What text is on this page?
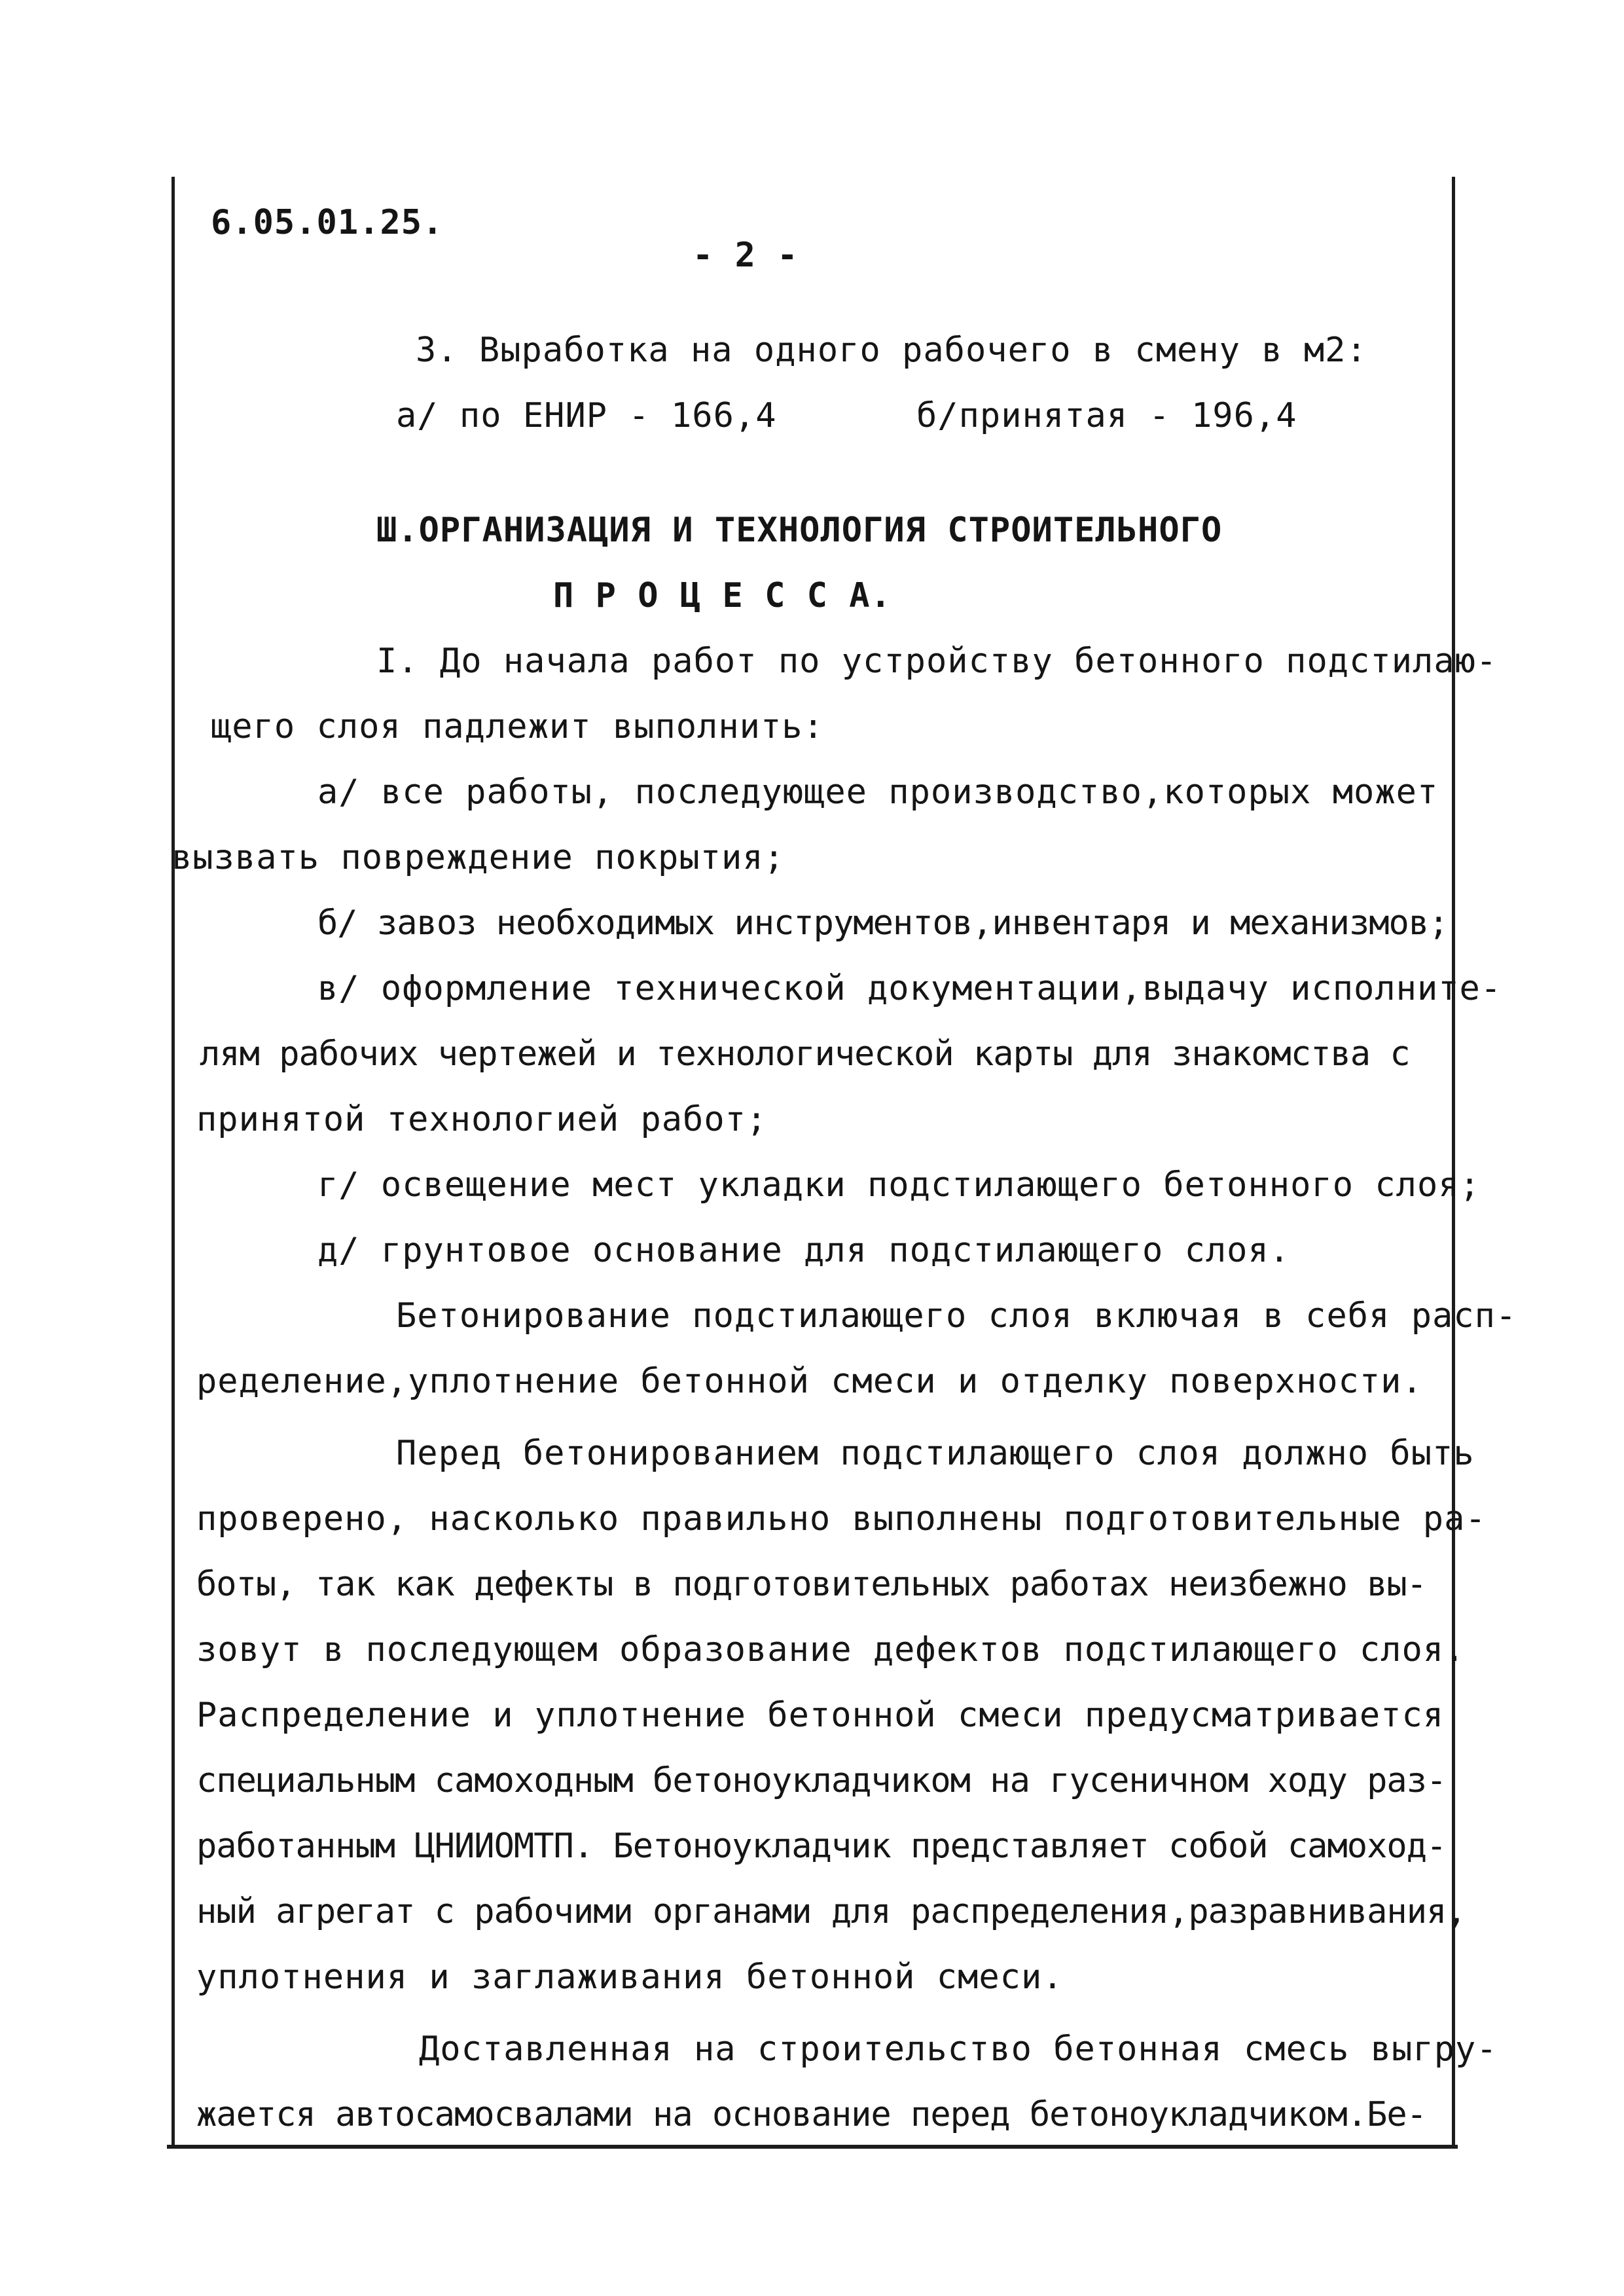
6.05.01.25.
- 2 -
3. Выработка на одного рабочего в смену в м2:
а/ по ЕНИР - 166,4	б/принятая - 196,4
Ш.ОРГАНИЗАЦИЯ И ТЕХНОЛОГИЯ СТРОИТЕЛЬНОГО
П Р О Ц Е С С А.
I. До начала работ по устройству бетонного подстилаю-
щего слоя падлежит выполнить:
а/ все работы, последующее производство,которых может
вызвать повреждение покрытия;
б/ завоз необходимых инструментов,инвентаря и механизмов;
в/ оформление технической документации,выдачу исполните-
лям рабочих чертежей и технологической карты для знакомства с
принятой технологией работ;
г/ освещение мест укладки подстилающего бетонного слоя;
д/ грунтовое основание для подстилающего слоя.
Бетонирование подстилающего слоя включая в себя расп-
ределение,уплотнение бетонной смеси и отделку поверхности.
Перед бетонированием подстилающего слоя должно быть
проверено, насколько правильно выполнены подготовительные ра-
боты, так как дефекты в подготовительных работах неизбежно вы-
зовут в последующем образование дефектов подстилающего слоя.
Распределение и уплотнение бетонной смеси предусматривается
специальным самоходным бетоноукладчиком на гусеничном ходу раз-
работанным ЦНИИОМТП. Бетоноукладчик представляет собой самоход-
ный агрегат с рабочими органами для распределения,разравнивания,
уплотнения и заглаживания бетонной смеси.
Доставленная на строительство бетонная смесь выгру-
жается автосамосвалами на основание перед бетоноукладчиком.Бе-
